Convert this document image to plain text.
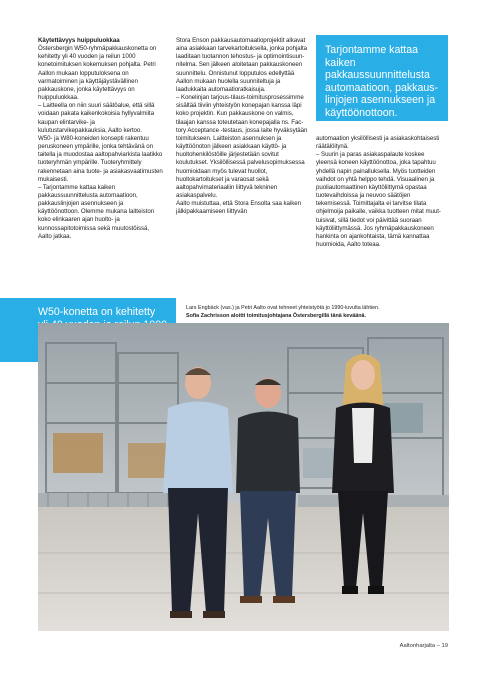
Käytettävyys huippuluokkaa

Östersbergin W50-ryhmäpakkauskonetta on kehitetty yli 40 vuoden ja reilun 1000 konetoimituksen kokemuksen pohjalta. Petri Aallon mukaan lopputuloksena on varmatoiminen ja käyttäjäystävällinen pakkauskone, jonka käytettävyys on huippuluokkaa.

– Laitteella on niin suuri säätöalue, että sillä voidaan pakata kaikenkokoisia hyllyvalmiita kaupan elintarvike- ja kulutustarvikepakkauksia, Aalto kertoo.

W50- ja W80-koneiden konsepti rakentuu peruskoneen ympärille, jonka tehtävänä on taitella ja muodostaa aaltopahviarkista laatikko tuoteryhmän ympärille. Tuoteryhmittely rakennetaan aina tuote- ja asiakasvaatimusten mukaisesti.

– Tarjontamme kattaa kaiken pakkaussuunnittelusta automaatioon, pakkauslinjojen asennukseen ja käyttöönottoon. Olemme mukana laitteiston koko elinkaaren ajan huolto- ja kunnossapitotoimissa sekä muutostöissä, Aalto jatkaa.

Stora Enson pakkausautomaatioprojektit alkavat aina asiakkaan tarvekartoituksella, jonka pohjalta laaditaan tuotannon tehostus- ja optimointisuunnitelma. Sen jälkeen aloitetaan pakkauskoneen suunnittelu. Onnistunut lopputulos edellyttää Aallon mukaan huolella suunniteltuja ja laadukkaita automaatioratkaisuja.

– Konelinjan tarjous-tilaus-toimitusprosessimme sisältää tiiviin yhteistyön konepajan kanssa läpi koko projektin. Kun pakkauskone on valmis, tilaajan kanssa toteutetaan konepajalla ns. Factory Acceptance -testaus, jossa laite hyväksytään toimitukseen. Laitteiston asennuksen ja käyttöönoton jälkeen asiakkaan käyttö- ja huoltohenkilöstöille järjestetään sovitut koulutukset. Yksilöllisessä palvelusopimuksessa huomioidaan myös tulevat huollot, huoltokartoitukset ja varaosat sekä aaltopahvimateriaaliin liittyvä tekninen asiakaspalvelu.

Aalto muistuttaa, että Stora Ensolta saa kaiken jälkipakkaamiseen liittyvän

Tarjontamme kattaa kaiken pakkaussuunnittelusta automaatioon, pakkauslinjojen asennukseen ja käyttöönottoon.

automaation yksilöllisesti ja asiakaskohtaisesti räätälöitynä.

– Suurin ja paras asiakaspalaute koskee yleensä koneen käyttöönottoa, joka tapahtuu yhdellä napin painalluksella. Myös tuotteiden vaihdot on yhtä helppo tehdä. Visuaalinen ja puoliautomaattinen käyttöliittymä opastaa tuotevaihdoissa ja neuvoo säätöjen tekemisessä. Toimittajalta ei tarvitse tilata ohjelmoija paikalle, vaikka tuotteen mitat muuttuisivat, sillä tiedot voi päivittää suoraan käyttöliittymässä. Jos ryhmäpakkauskoneen hankinta on ajankohtaista, tämä kannattaa huomioida, Aalto toteaa.

W50-konetta on kehitetty	Lars Engbäck (vas.) ja Petri Aalto ovat tehneet yhteistyötä jo 1990-luvulta lähtien.
Sofia Zachrisson aloitti toimitusjohtajana Östersbergillä tänä keväänä.
Aaltonharjalta – 19
